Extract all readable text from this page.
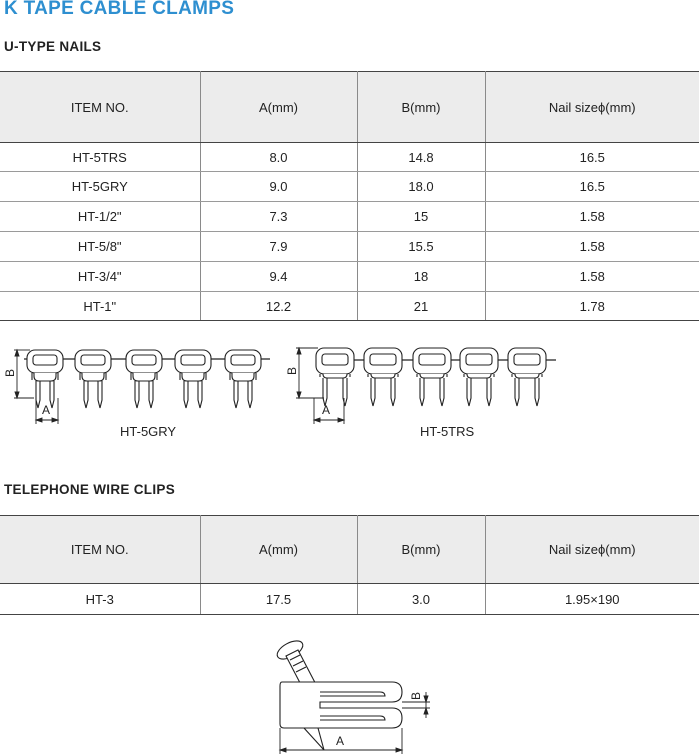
K TAPE CABLE CLAMPS
U-TYPE NAILS
ITEM NO.	A(mm)	B(mm)	Nail sizeϕ(mm)
HT-5TRS	8.0	14.8	16.5
HT-5GRY	9.0	18.0	16.5
HT-1/2"	7.3	15	1.58
HT-5/8"	7.9	15.5	1.58
HT-3/4"	9.4	18	1.58
HT-1"	12.2	21	1.78
B
A
HT-5GRY
B
A
HT-5TRS
TELEPHONE WIRE CLIPS
ITEM NO.	A(mm)	B(mm)	Nail sizeϕ(mm)
HT-3	17.5	3.0	1.95×190
B
A
